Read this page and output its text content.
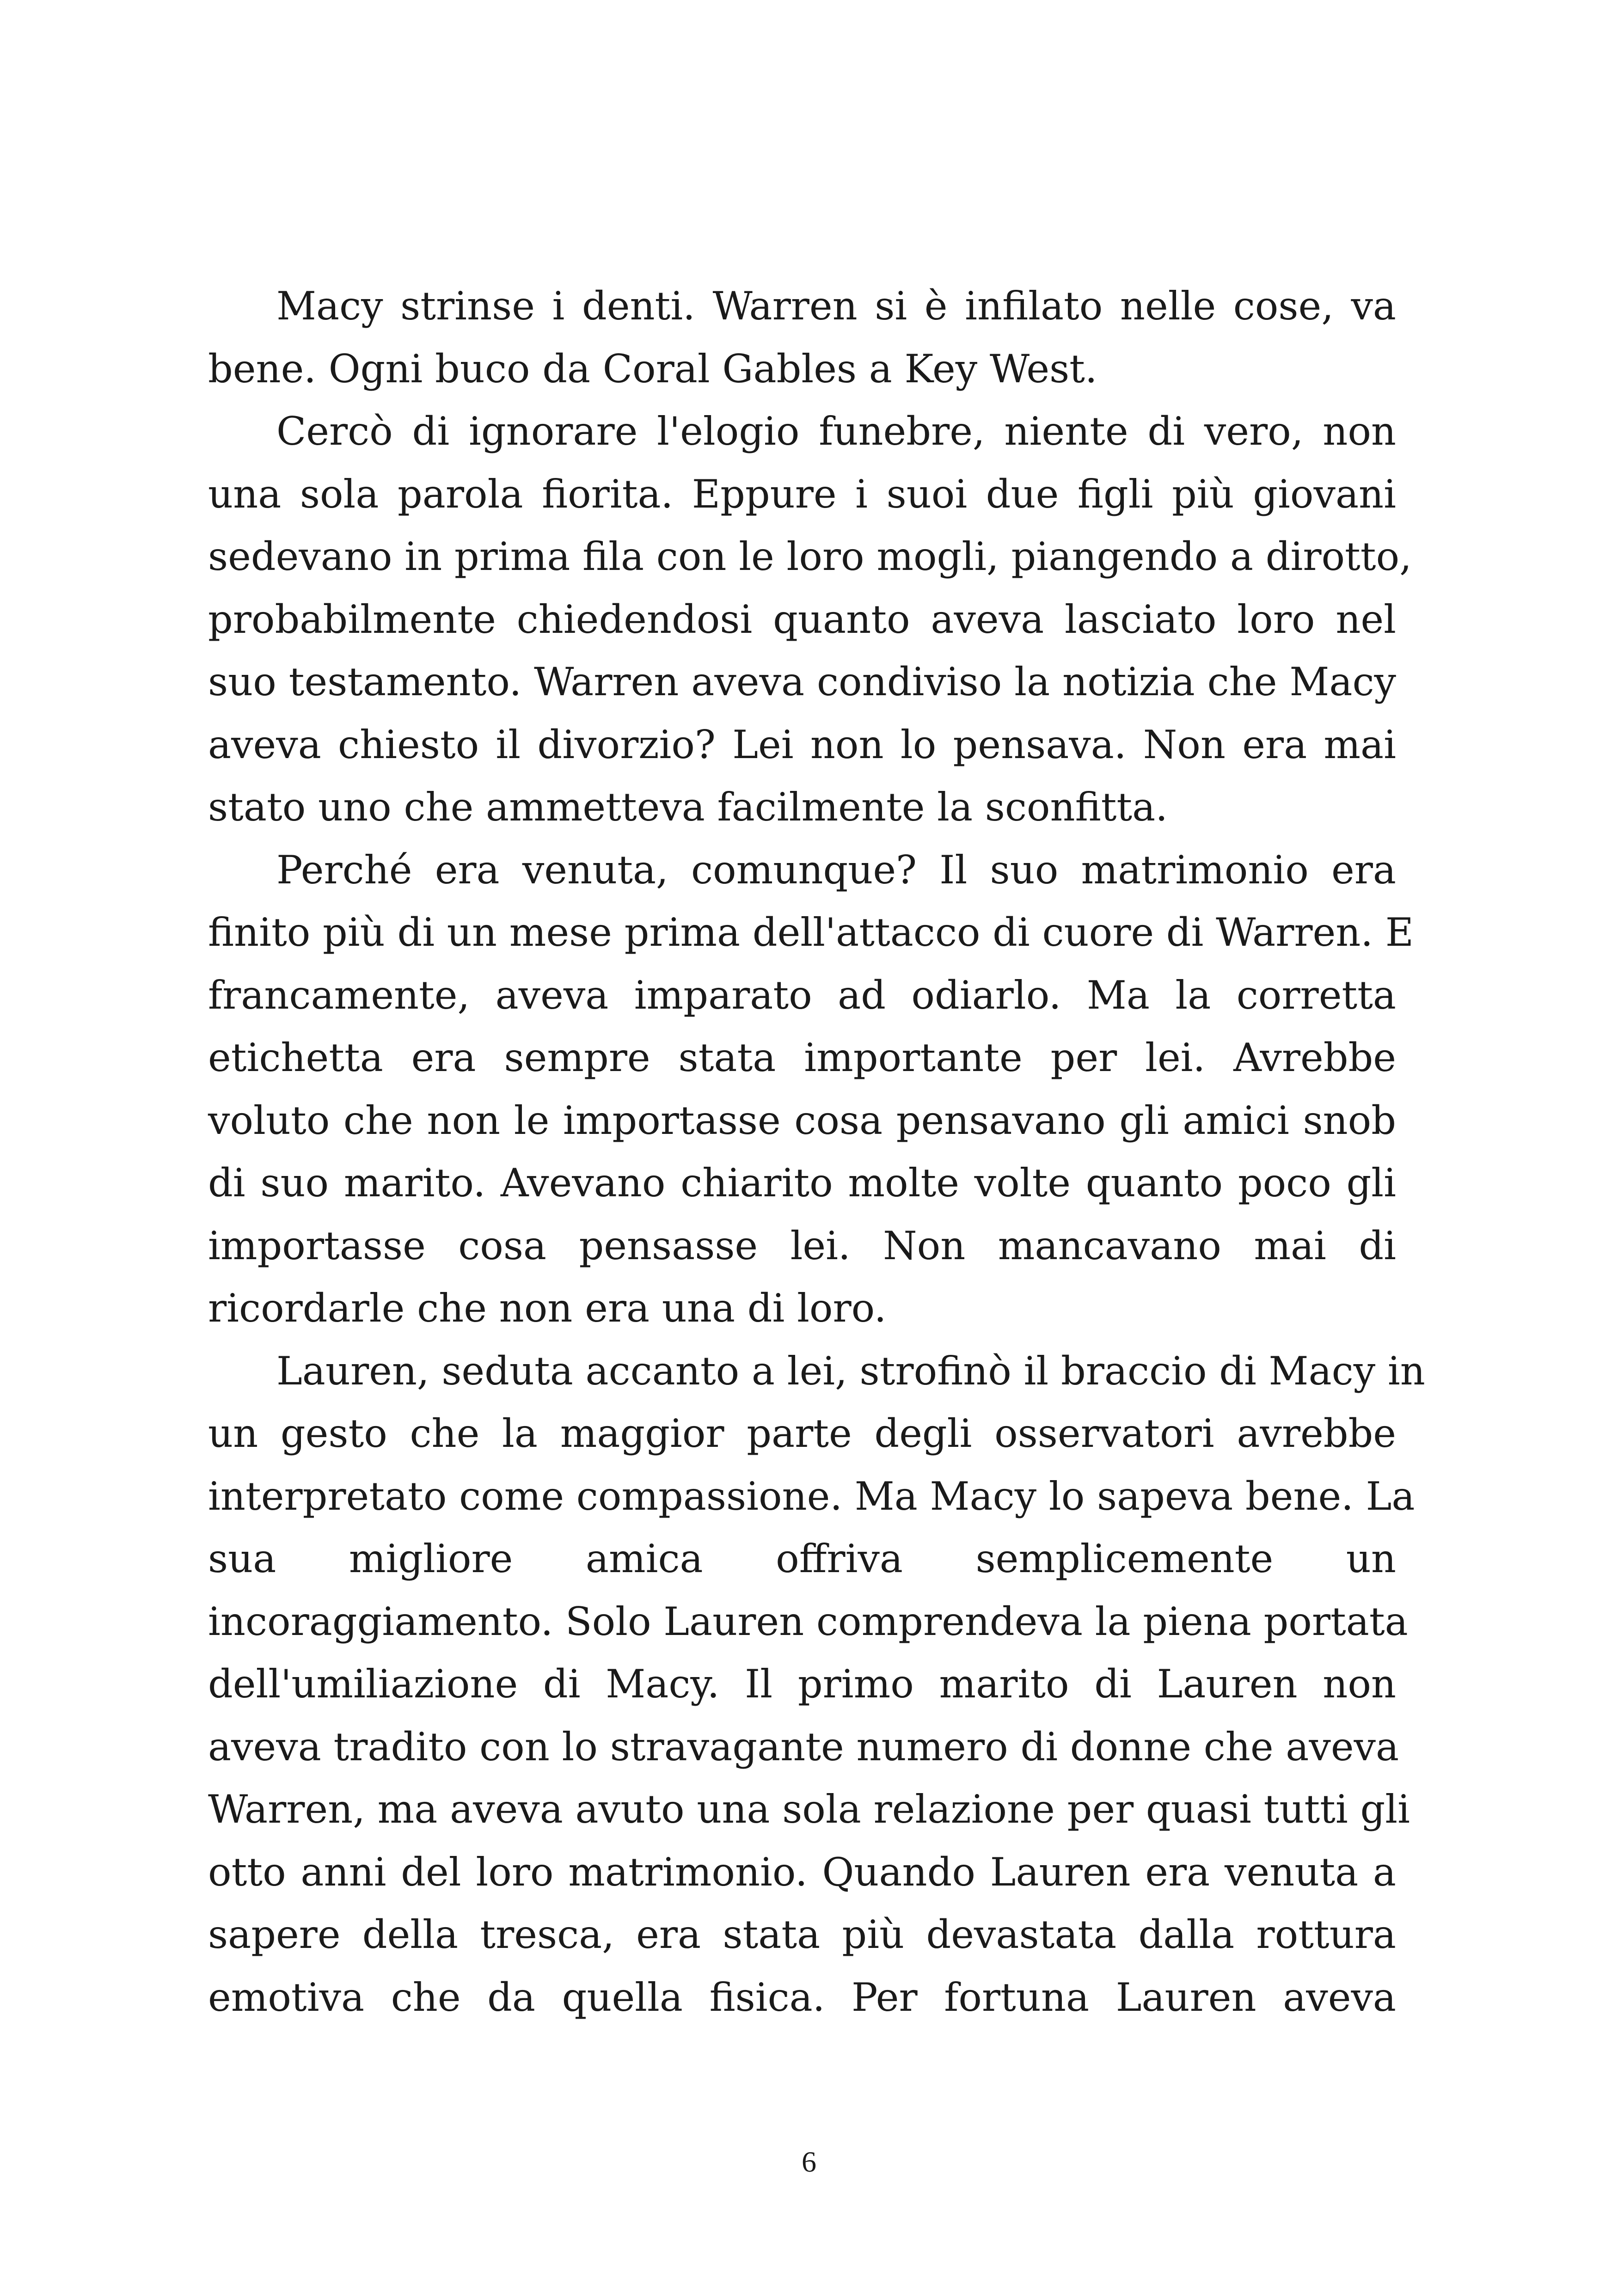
Macy strinse i denti. Warren si è infilato nelle cose, va
bene. Ogni buco da Coral Gables a Key West.

Cercò di ignorare l'elogio funebre, niente di vero, non
una sola parola fiorita. Eppure i suoi due figli più giovani
sedevano in prima fila con le loro mogli, piangendo a dirotto,
probabilmente chiedendosi quanto aveva lasciato loro nel
suo testamento. Warren aveva condiviso la notizia che Macy
aveva chiesto il divorzio? Lei non lo pensava. Non era mai
stato uno che ammetteva facilmente la sconfitta.

Perché era venuta, comunque? Il suo matrimonio era
finito più di un mese prima dell'attacco di cuore di Warren. E
francamente, aveva imparato ad odiarlo. Ma la corretta
etichetta era sempre stata importante per lei. Avrebbe
voluto che non le importasse cosa pensavano gli amici snob
di suo marito. Avevano chiarito molte volte quanto poco gli
importasse cosa pensasse lei. Non mancavano mai di
ricordarle che non era una di loro.

Lauren, seduta accanto a lei, strofinò il braccio di Macy in
un gesto che la maggior parte degli osservatori avrebbe
interpretato come compassione. Ma Macy lo sapeva bene. La
sua migliore amica offriva semplicemente un
incoraggiamento. Solo Lauren comprendeva la piena portata
dell'umiliazione di Macy. Il primo marito di Lauren non
aveva tradito con lo stravagante numero di donne che aveva
Warren, ma aveva avuto una sola relazione per quasi tutti gli
otto anni del loro matrimonio. Quando Lauren era venuta a
sapere della tresca, era stata più devastata dalla rottura
emotiva che da quella fisica. Per fortuna Lauren aveva

6
